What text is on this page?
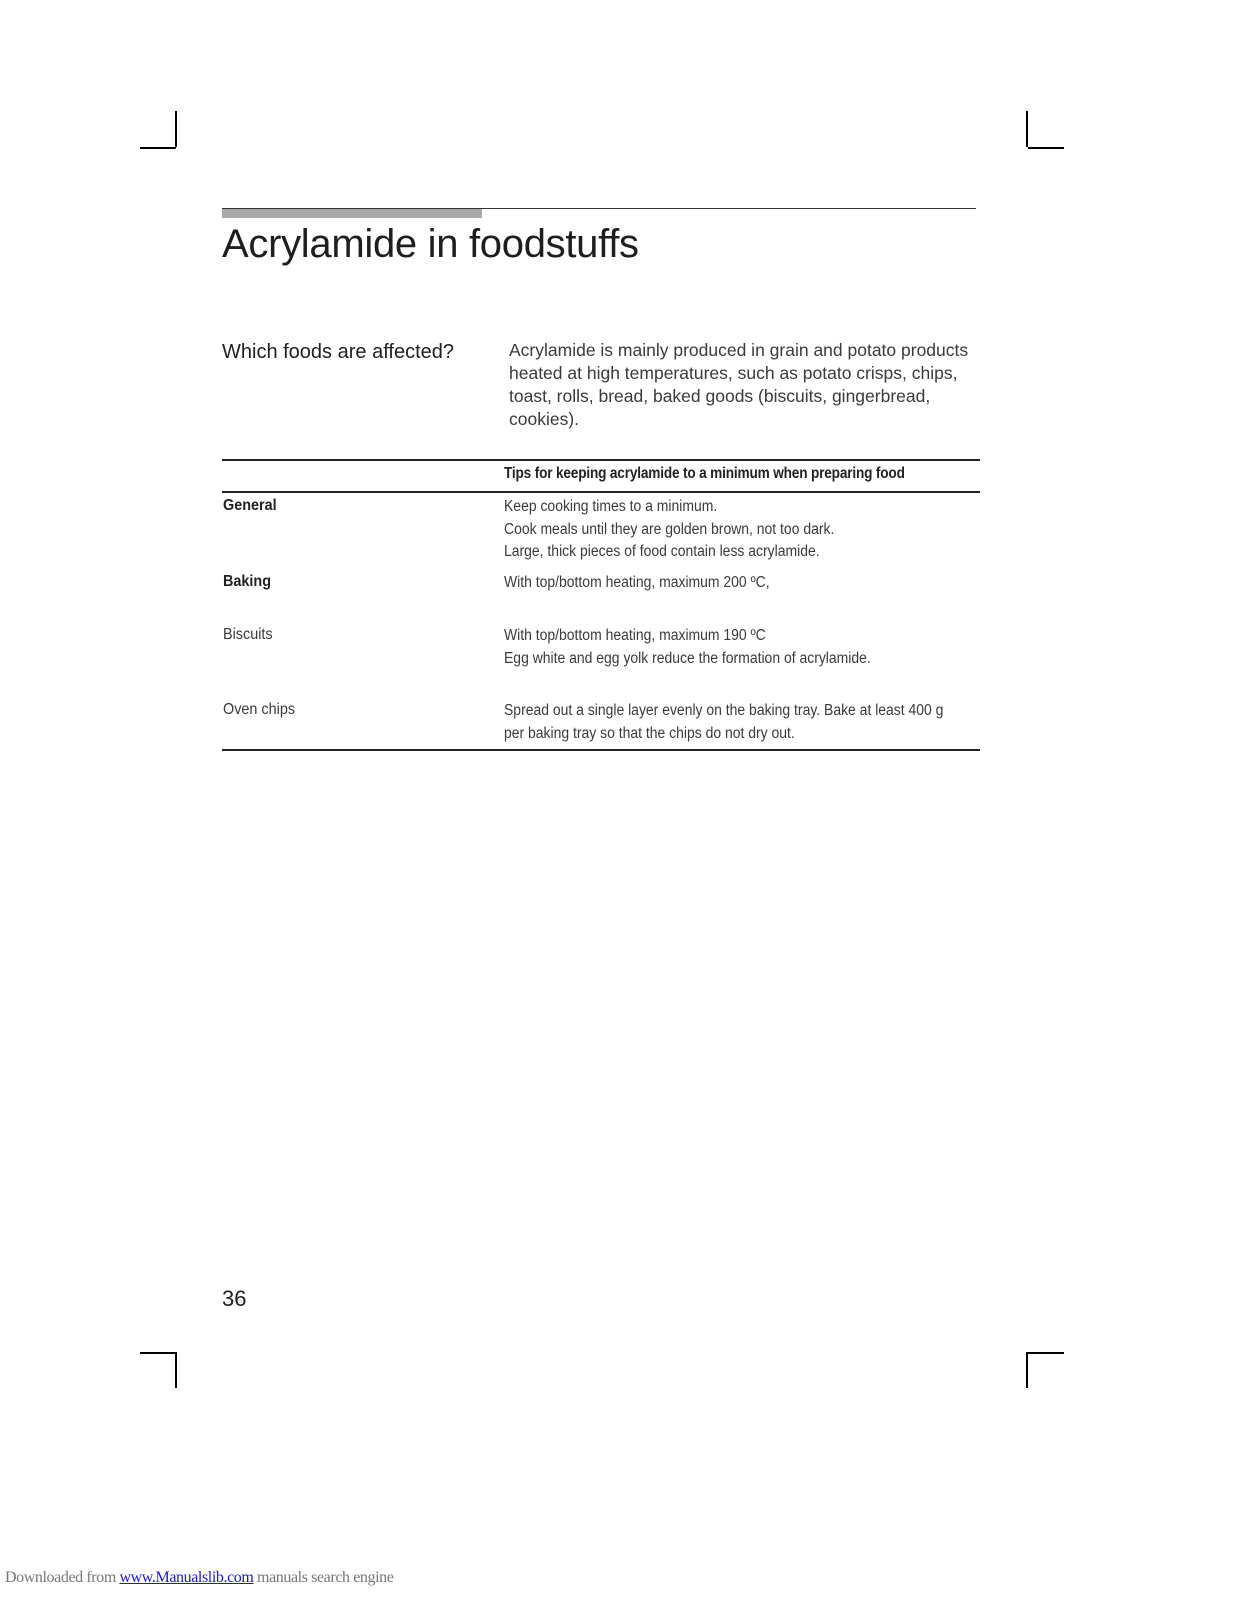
Acrylamide in foodstuffs
Which foods are affected?	Acrylamide is mainly produced in grain and potato products heated at high temperatures, such as potato crisps, chips, toast, rolls, bread, baked goods (biscuits, gingerbread, cookies).

Tips for keeping acrylamide to a minimum when preparing food
General	Keep cooking times to a minimum.
Cook meals until they are golden brown, not too dark.
Large, thick pieces of food contain less acrylamide.
Baking	With top/bottom heating, maximum 200 ºC,
Biscuits	With top/bottom heating, maximum 190 ºC
Egg white and egg yolk reduce the formation of acrylamide.
Oven chips	Spread out a single layer evenly on the baking tray. Bake at least 400 g
per baking tray so that the chips do not dry out.
36
Downloaded from www.Manualslib.com manuals search engine
